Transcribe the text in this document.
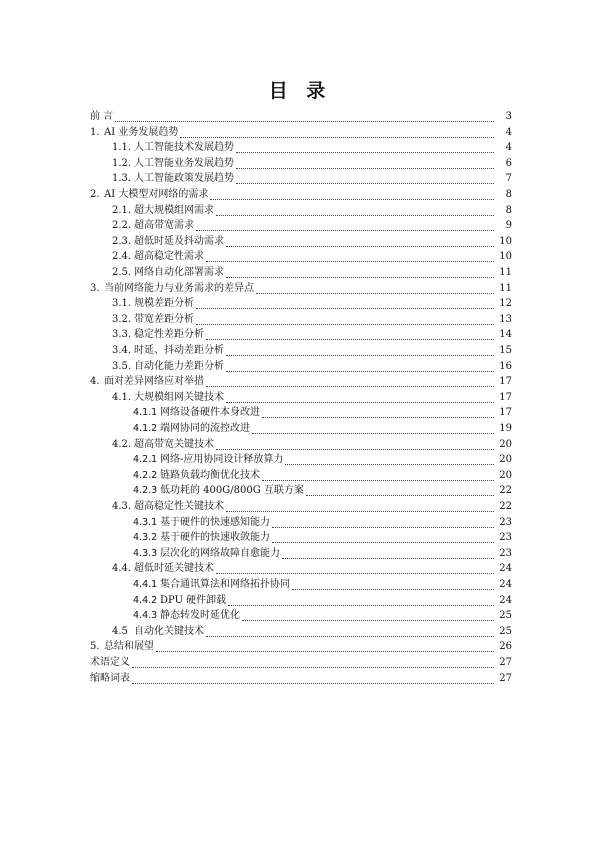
目 录
前 言	3
1. AI 业务发展趋势	4
1.1. 人工智能技术发展趋势	4
1.2. 人工智能业务发展趋势	6
1.3. 人工智能政策发展趋势	7
2. AI 大模型对网络的需求	8
2.1. 超大规模组网需求	8
2.2. 超高带宽需求	9
2.3. 超低时延及抖动需求	10
2.4. 超高稳定性需求	10
2.5. 网络自动化部署需求	11
3. 当前网络能力与业务需求的差异点	11
3.1. 规模差距分析	12
3.2. 带宽差距分析	13
3.3. 稳定性差距分析	14
3.4. 时延、抖动差距分析	15
3.5. 自动化能力差距分析	16
4. 面对差异网络应对举措	17
4.1. 大规模组网关键技术	17
4.1.1 网络设备硬件本身改进	17
4.1.2 端网协同的流控改进	19
4.2. 超高带宽关键技术	20
4.2.1 网络-应用协同设计释放算力	20
4.2.2 链路负载均衡优化技术	20
4.2.3 低功耗的 400G/800G 互联方案	22
4.3. 超高稳定性关键技术	22
4.3.1 基于硬件的快速感知能力	23
4.3.2 基于硬件的快速收敛能力	23
4.3.3 层次化的网络故障自愈能力	23
4.4. 超低时延关键技术	24
4.4.1 集合通讯算法和网络拓扑协同	24
4.4.2 DPU 硬件卸载	24
4.4.3 静态转发时延优化	25
4.5 自动化关键技术	25
5. 总结和展望	26
术语定义	27
缩略词表	27
